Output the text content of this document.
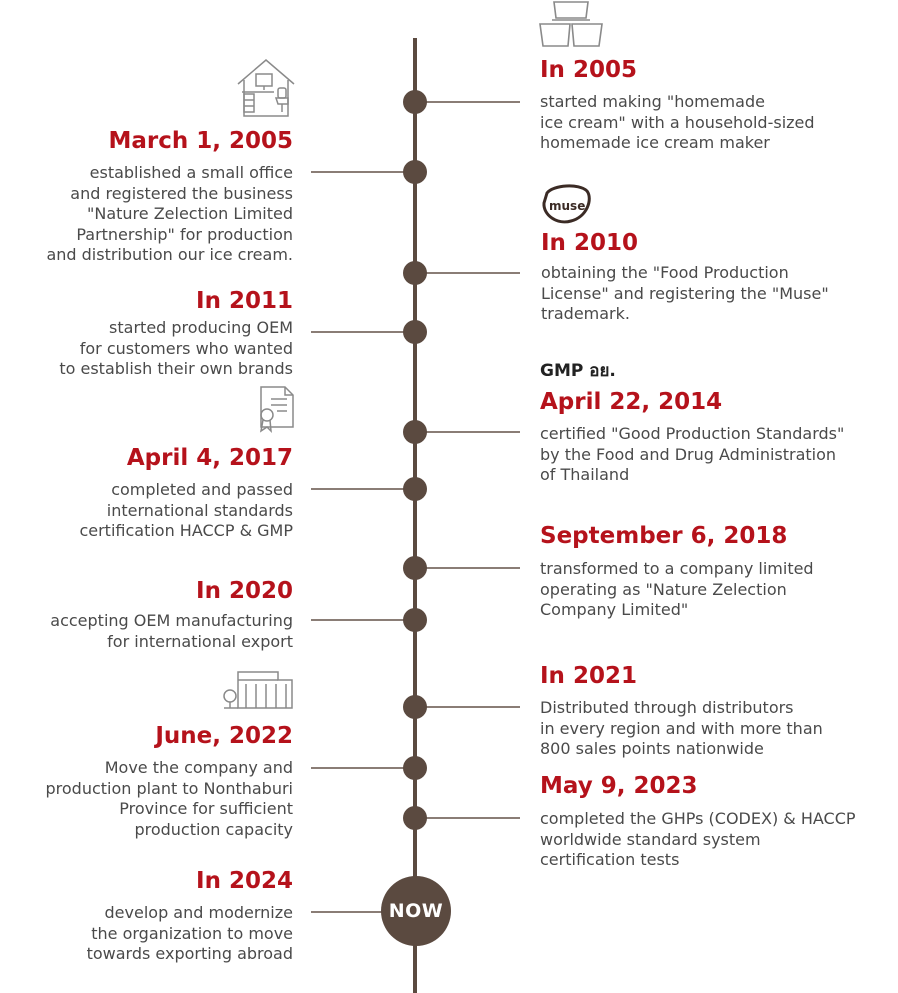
NOW
muse
GMP อย.
In 2005
started making "homemade
ice cream" with a household-sized
homemade ice cream maker
In 2010
obtaining the "Food Production
License" and registering the "Muse"
trademark.
April 22, 2014
certified "Good Production Standards"
by the Food and Drug Administration
of Thailand
September 6, 2018
transformed to a company limited
operating as "Nature Zelection
Company Limited"
In 2021
Distributed through distributors
in every region and with more than
800 sales points nationwide
May 9, 2023
completed the GHPs (CODEX) & HACCP
worldwide standard system
certification tests
March 1, 2005
established a small office
and registered the business
"Nature Zelection Limited
Partnership" for production
and distribution our ice cream.
In 2011
started producing OEM
for customers who wanted
to establish their own brands
April 4, 2017
completed and passed
international standards
certification HACCP & GMP
In 2020
accepting OEM manufacturing
for international export
June, 2022
Move the company and
production plant to Nonthaburi
Province for sufficient
production capacity
In 2024
develop and modernize
the organization to move
towards exporting abroad
